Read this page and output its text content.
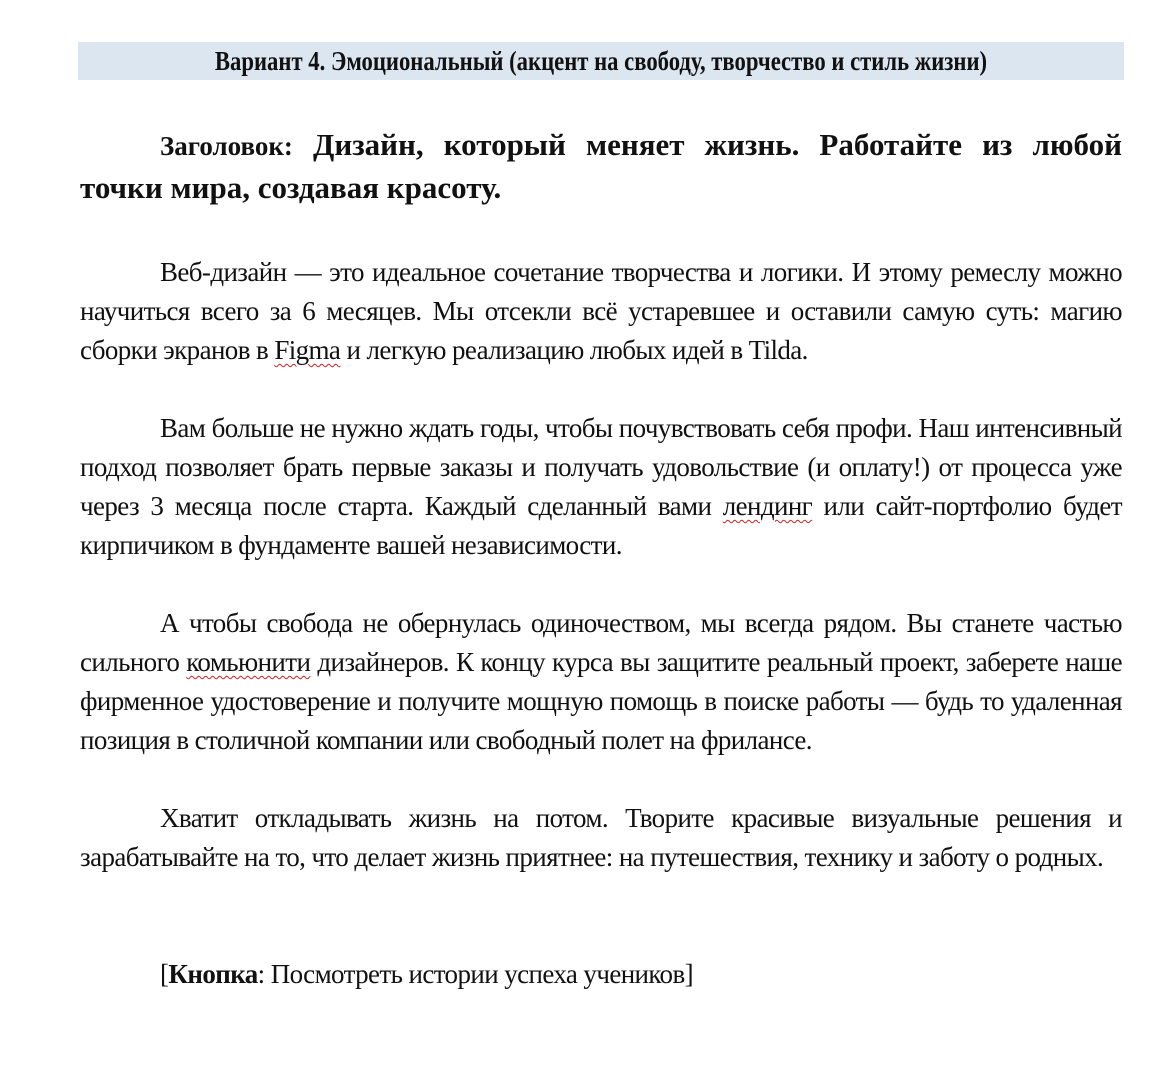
Вариант 4. Эмоциональный (акцент на свободу, творчество и стиль жизни)
Заголовок: Дизайн, который меняет жизнь. Работайте из любой точки мира, создавая красоту.
Веб-дизайн — это идеальное сочетание творчества и логики. И этому ремеслу можно научиться всего за 6 месяцев. Мы отсекли всё устаревшее и оставили самую суть: магию сборки экранов в Figma и легкую реализацию любых идей в Tilda.
Вам больше не нужно ждать годы, чтобы почувствовать себя профи. Наш интенсивный подход позволяет брать первые заказы и получать удовольствие (и оплату!) от процесса уже через 3 месяца после старта. Каждый сделанный вами лендинг или сайт-портфолио будет кирпичиком в фундаменте вашей независимости.
А чтобы свобода не обернулась одиночеством, мы всегда рядом. Вы станете частью сильного комьюнити дизайнеров. К концу курса вы защитите реальный проект, заберете наше фирменное удостоверение и получите мощную помощь в поиске работы — будь то удаленная позиция в столичной компании или свободный полет на фрилансе.
Хватит откладывать жизнь на потом. Творите красивые визуальные решения и зарабатывайте на то, что делает жизнь приятнее: на путешествия, технику и заботу о родных.
[Кнопка: Посмотреть истории успеха учеников]
